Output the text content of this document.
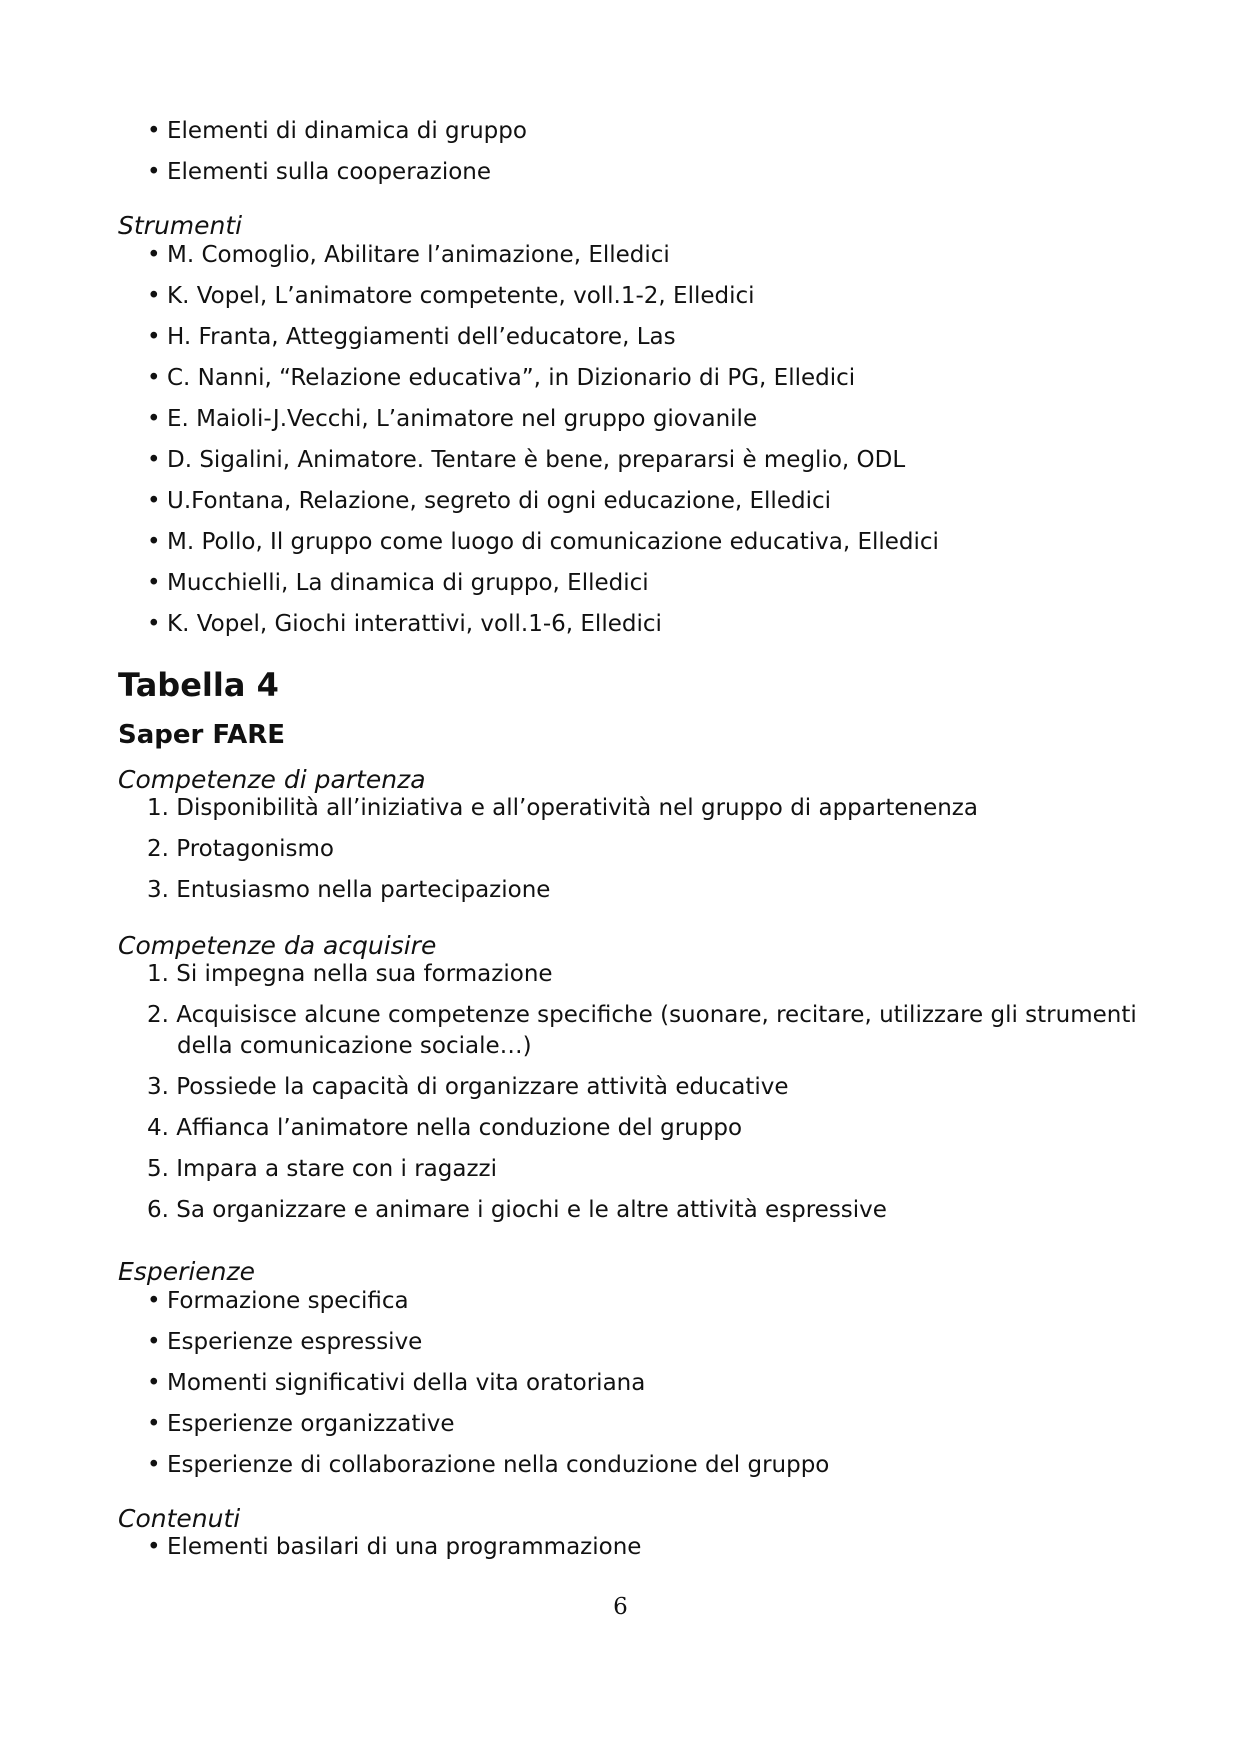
• Elementi di dinamica di gruppo
• Elementi sulla cooperazione
Strumenti
• M. Comoglio, Abilitare l’animazione, Elledici
• K. Vopel, L’animatore competente, voll.1-2, Elledici
• H. Franta, Atteggiamenti dell’educatore, Las
• C. Nanni, “Relazione educativa”, in Dizionario di PG, Elledici
• E. Maioli-J.Vecchi, L’animatore nel gruppo giovanile
• D. Sigalini, Animatore. Tentare è bene, prepararsi è meglio, ODL
• U.Fontana, Relazione, segreto di ogni educazione, Elledici
• M. Pollo, Il gruppo come luogo di comunicazione educativa, Elledici
• Mucchielli, La dinamica di gruppo, Elledici
• K. Vopel, Giochi interattivi, voll.1-6, Elledici
Tabella 4
Saper FARE
Competenze di partenza
1. Disponibilità all’iniziativa e all’operatività nel gruppo di appartenenza
2. Protagonismo
3. Entusiasmo nella partecipazione
Competenze da acquisire
1. Si impegna nella sua formazione
2. Acquisisce alcune competenze specifiche (suonare, recitare, utilizzare gli strumenti
della comunicazione sociale…)
3. Possiede la capacità di organizzare attività educative
4. Affianca l’animatore nella conduzione del gruppo
5. Impara a stare con i ragazzi
6. Sa organizzare e animare i giochi e le altre attività espressive
Esperienze
• Formazione specifica
• Esperienze espressive
• Momenti significativi della vita oratoriana
• Esperienze organizzative
• Esperienze di collaborazione nella conduzione del gruppo
Contenuti
• Elementi basilari di una programmazione
6
